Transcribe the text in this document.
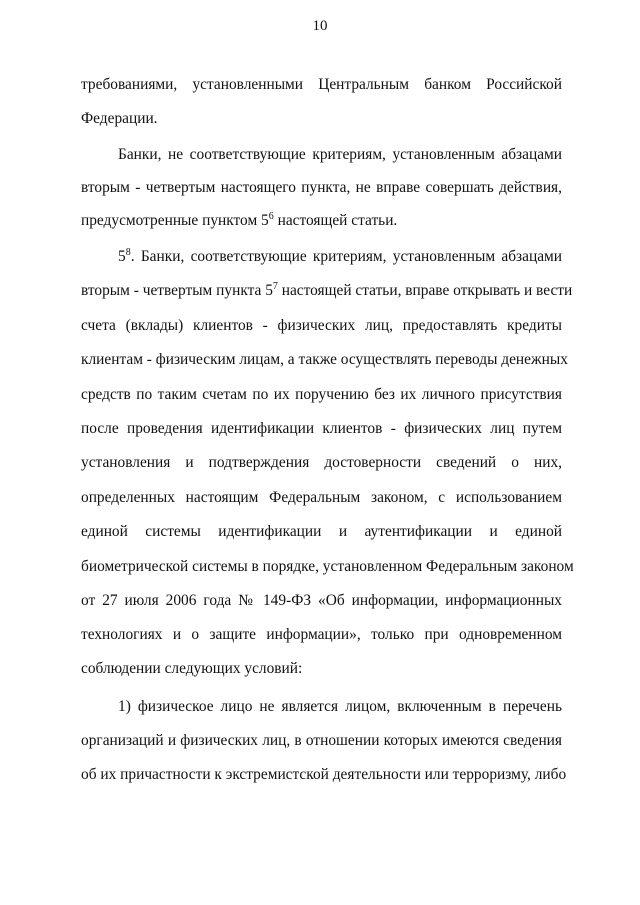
10
требованиями, установленными Центральным банком Российской
Федерации.
Банки, не соответствующие критериям, установленным абзацами
вторым - четвертым настоящего пункта, не вправе совершать действия,
предусмотренные пунктом $5^6$ настоящей статьи.
$5^8$. Банки, соответствующие критериям, установленным абзацами
вторым - четвертым пункта $5^7$ настоящей статьи, вправе открывать и вести
счета (вклады) клиентов - физических лиц, предоставлять кредиты
клиентам - физическим лицам, а также осуществлять переводы денежных
средств по таким счетам по их поручению без их личного присутствия
после проведения идентификации клиентов - физических лиц путем
установления и подтверждения достоверности сведений о них,
определенных настоящим Федеральным законом, с использованием
единой системы идентификации и аутентификации и единой
биометрической системы в порядке, установленном Федеральным законом
от 27 июля 2006 года № 149-ФЗ «Об информации, информационных
технологиях и о защите информации», только при одновременном
соблюдении следующих условий:
1) физическое лицо не является лицом, включенным в перечень
организаций и физических лиц, в отношении которых имеются сведения
об их причастности к экстремистской деятельности или терроризму, либо
